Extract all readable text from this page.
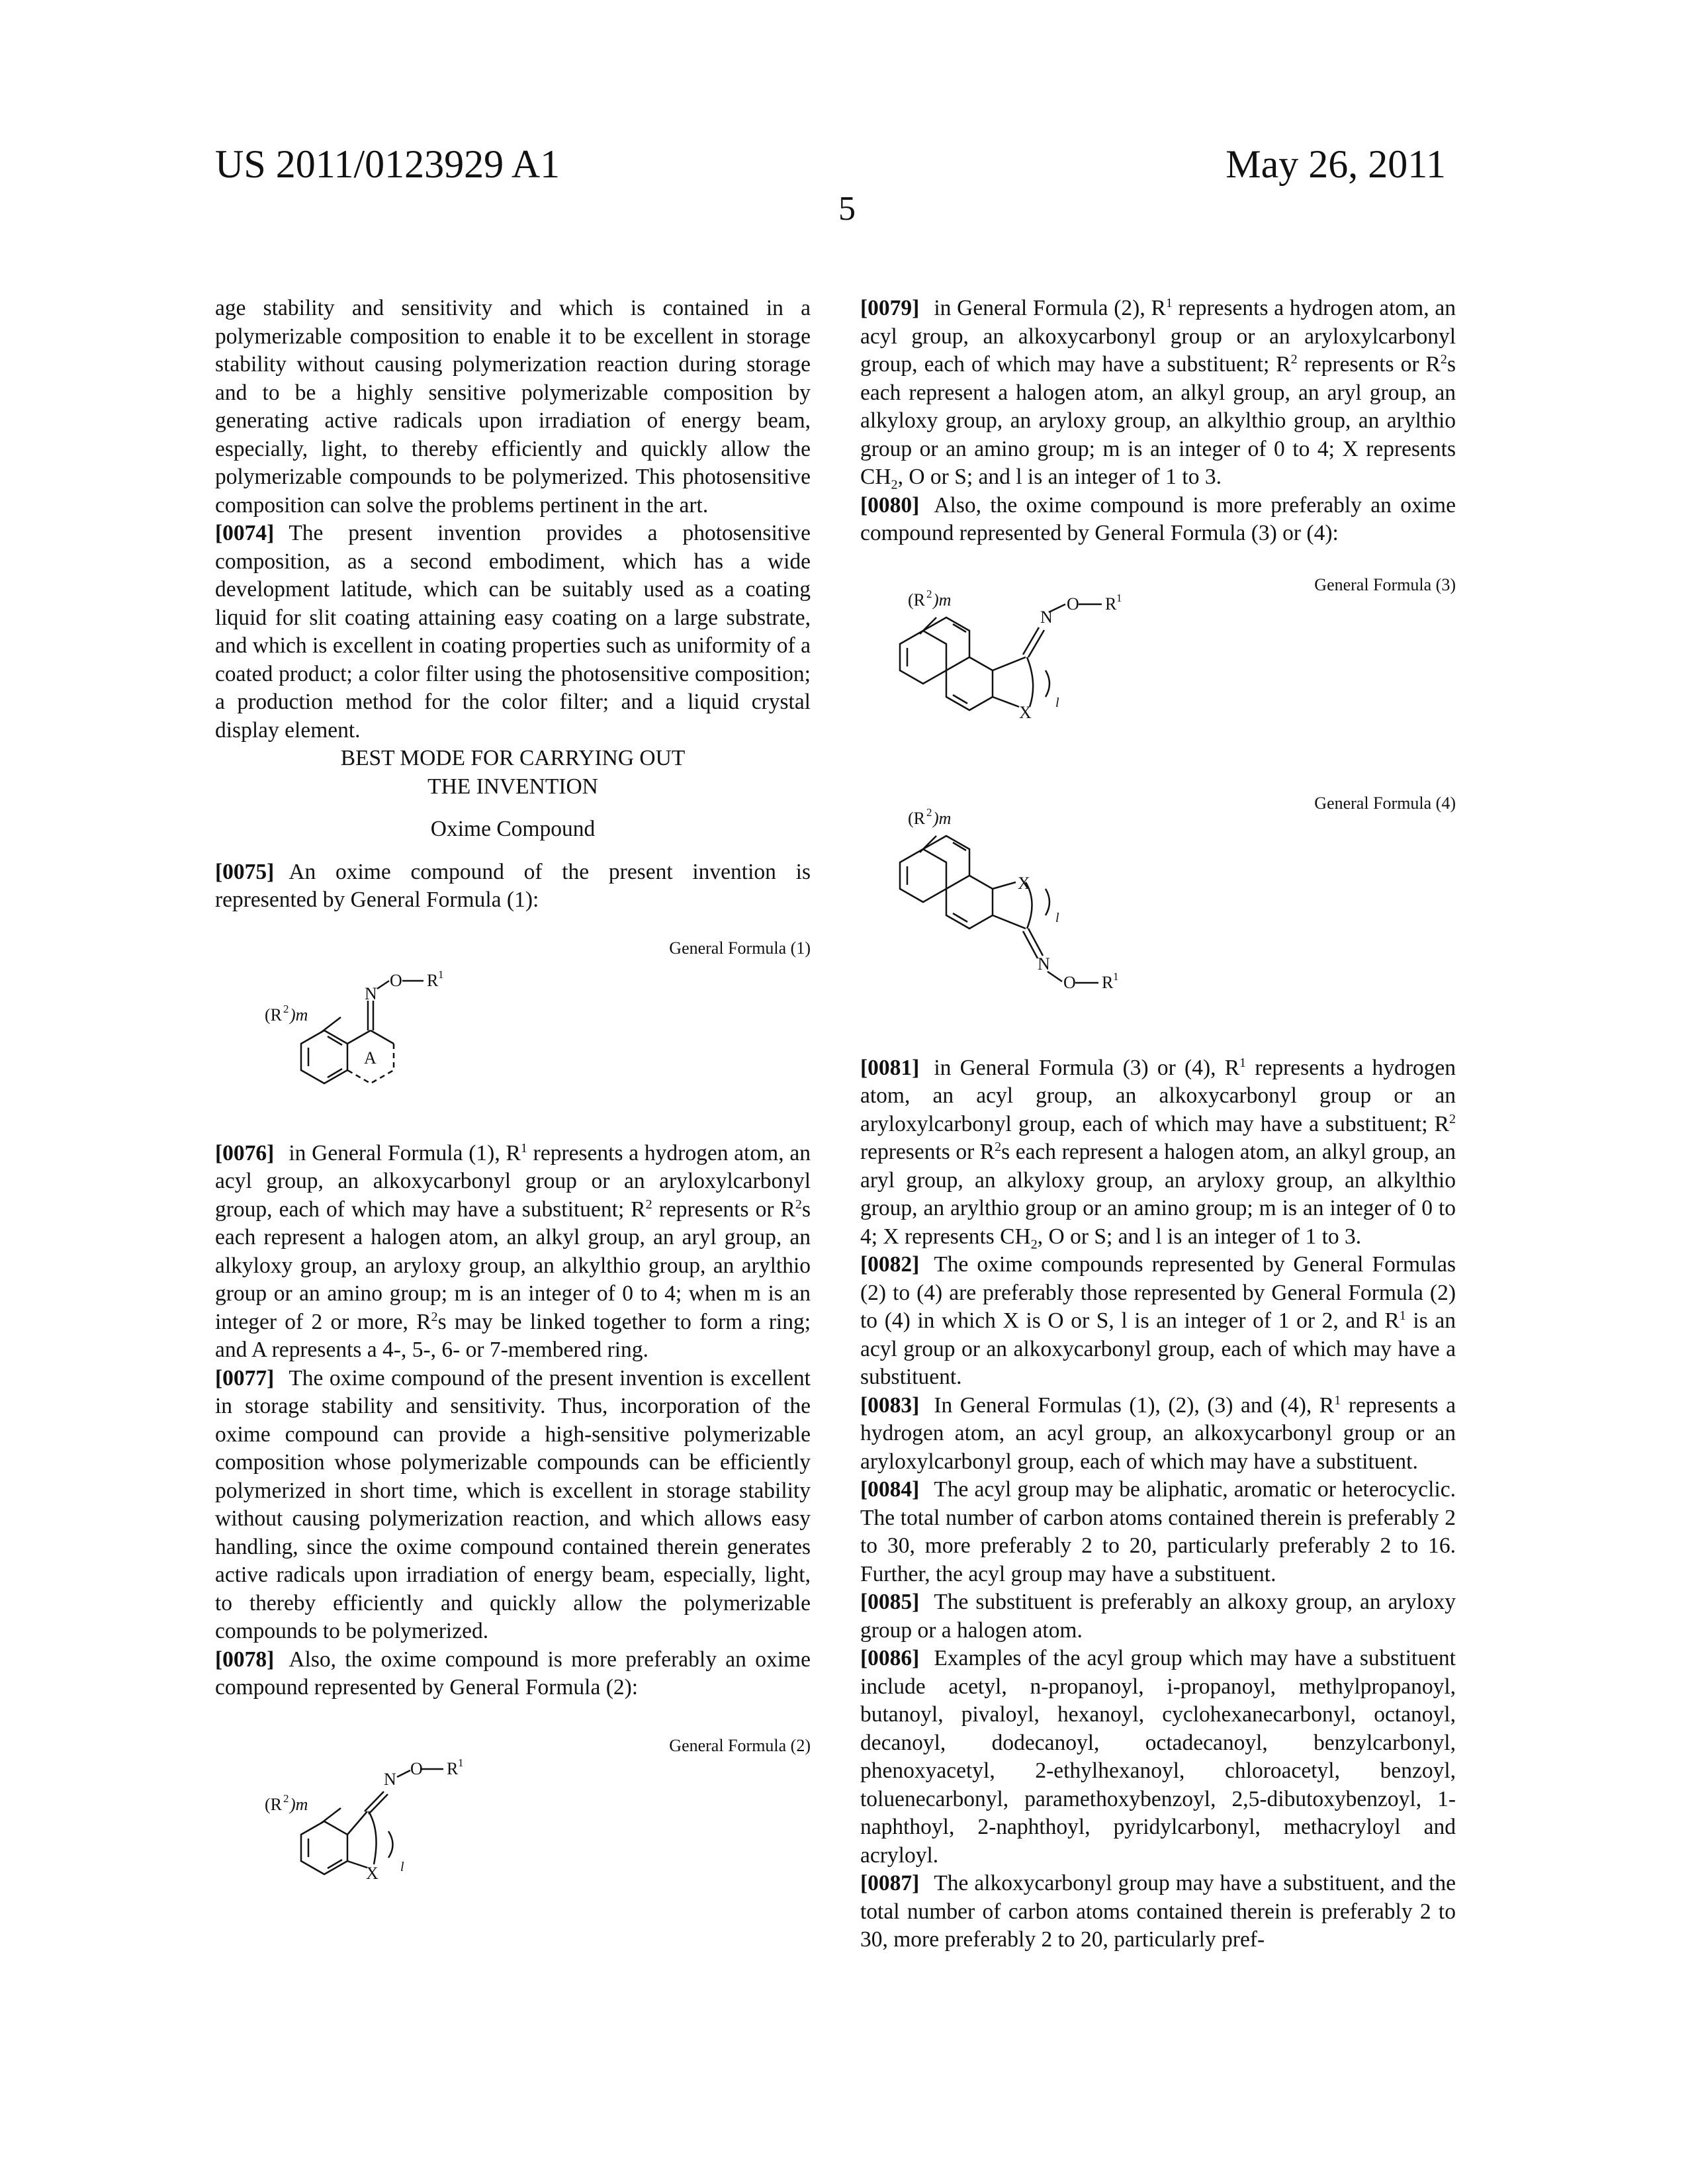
US 2011/0123929 A1	May 26, 2011
5

age stability and sensitivity and which is contained in a polymerizable composition to enable it to be excellent in storage stability without causing polymerization reaction during storage and to be a highly sensitive polymerizable composition by generating active radicals upon irradiation of energy beam, especially, light, to thereby efficiently and quickly allow the polymerizable compounds to be polymerized. This photosensitive composition can solve the problems pertinent in the art.

[0074] The present invention provides a photosensitive composition, as a second embodiment, which has a wide development latitude, which can be suitably used as a coating liquid for slit coating attaining easy coating on a large substrate, and which is excellent in coating properties such as uniformity of a coated product; a color filter using the photosensitive composition; a production method for the color filter; and a liquid crystal display element.

BEST MODE FOR CARRYING OUT THE INVENTION

Oxime Compound

[0075] An oxime compound of the present invention is represented by General Formula (1):

General Formula (1)
N
O R 1
A
(R 2 )m

[0076] in General Formula (1), R1 represents a hydrogen atom, an acyl group, an alkoxycarbonyl group or an aryloxylcarbonyl group, each of which may have a substituent; R2 represents or R2s each represent a halogen atom, an alkyl group, an aryl group, an alkyloxy group, an aryloxy group, an alkylthio group, an arylthio group or an amino group; m is an integer of 0 to 4; when m is an integer of 2 or more, R2s may be linked together to form a ring; and A represents a 4-, 5-, 6- or 7-membered ring.

[0077] The oxime compound of the present invention is excellent in storage stability and sensitivity. Thus, incorporation of the oxime compound can provide a high-sensitive polymerizable composition whose polymerizable compounds can be efficiently polymerized in short time, which is excellent in storage stability without causing polymerization reaction, and which allows easy handling, since the oxime compound contained therein generates active radicals upon irradiation of energy beam, especially, light, to thereby efficiently and quickly allow the polymerizable compounds to be polymerized.

[0078] Also, the oxime compound is more preferably an oxime compound represented by General Formula (2):

General Formula (2)
N
O R 1
X l
(R 2 )m

[0079] in General Formula (2), R1 represents a hydrogen atom, an acyl group, an alkoxycarbonyl group or an aryloxylcarbonyl group, each of which may have a substituent; R2 represents or R2s each represent a halogen atom, an alkyl group, an aryl group, an alkyloxy group, an aryloxy group, an alkylthio group, an arylthio group or an amino group; m is an integer of 0 to 4; X represents CH2, O or S; and l is an integer of 1 to 3.

[0080] Also, the oxime compound is more preferably an oxime compound represented by General Formula (3) or (4):

General Formula (3)
N
O R 1
X l
(R 2 )m
General Formula (4)
N
O R 1
X
l
(R 2 )m

[0081] in General Formula (3) or (4), R1 represents a hydrogen atom, an acyl group, an alkoxycarbonyl group or an aryloxylcarbonyl group, each of which may have a substituent; R2 represents or R2s each represent a halogen atom, an alkyl group, an aryl group, an alkyloxy group, an aryloxy group, an alkylthio group, an arylthio group or an amino group; m is an integer of 0 to 4; X represents CH2, O or S; and l is an integer of 1 to 3.

[0082] The oxime compounds represented by General Formulas (2) to (4) are preferably those represented by General Formula (2) to (4) in which X is O or S, l is an integer of 1 or 2, and R1 is an acyl group or an alkoxycarbonyl group, each of which may have a substituent.

[0083] In General Formulas (1), (2), (3) and (4), R1 represents a hydrogen atom, an acyl group, an alkoxycarbonyl group or an aryloxylcarbonyl group, each of which may have a substituent.

[0084] The acyl group may be aliphatic, aromatic or heterocyclic. The total number of carbon atoms contained therein is preferably 2 to 30, more preferably 2 to 20, particularly preferably 2 to 16. Further, the acyl group may have a substituent.

[0085] The substituent is preferably an alkoxy group, an aryloxy group or a halogen atom.

[0086] Examples of the acyl group which may have a substituent include acetyl, n-propanoyl, i-propanoyl, methylpropanoyl, butanoyl, pivaloyl, hexanoyl, cyclohexanecarbonyl, octanoyl, decanoyl, dodecanoyl, octadecanoyl, benzylcarbonyl, phenoxyacetyl, 2-ethylhexanoyl, chloroacetyl, benzoyl, toluenecarbonyl, paramethoxybenzoyl, 2,5-dibutoxybenzoyl, 1-naphthoyl, 2-naphthoyl, pyridylcarbonyl, methacryloyl and acryloyl.

[0087] The alkoxycarbonyl group may have a substituent, and the total number of carbon atoms contained therein is preferably 2 to 30, more preferably 2 to 20, particularly pref-
